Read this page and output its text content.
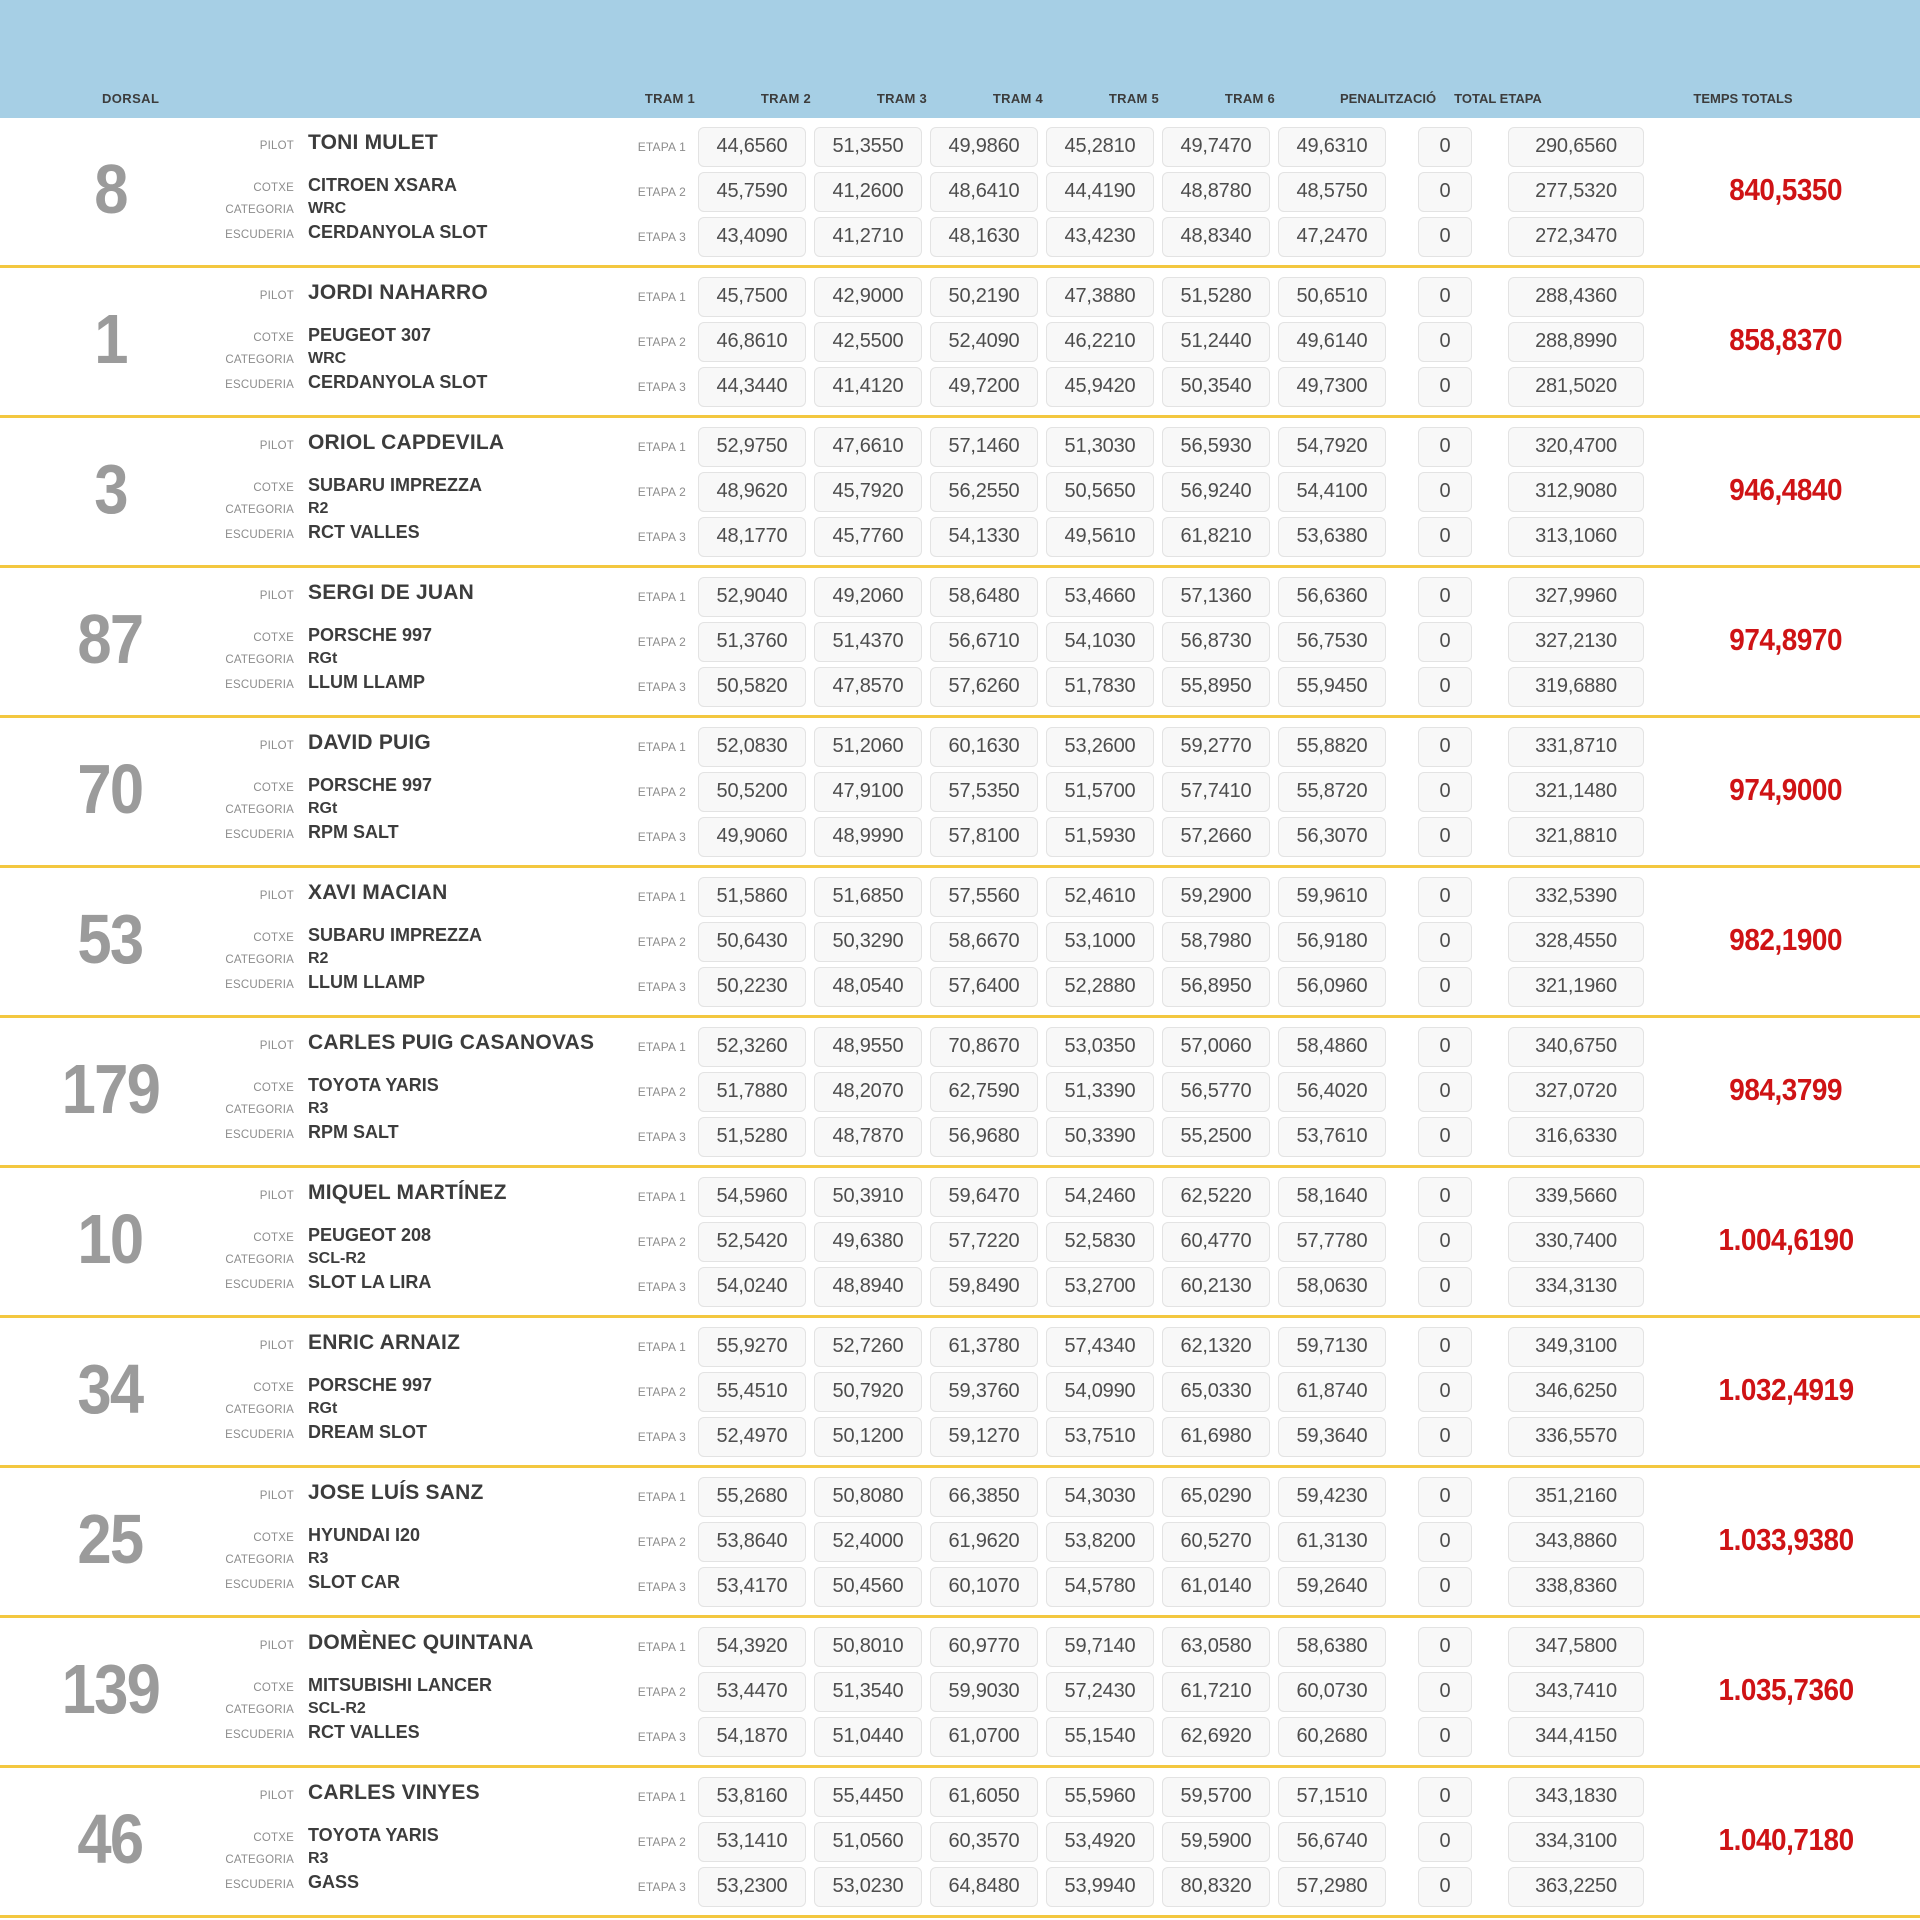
DORSAL	TRAM 1	TRAM 2	TRAM 3	TRAM 4	TRAM 5	TRAM 6	PENALITZACIÓ	TOTAL ETAPA	TEMPS TOTALS
8
PILOT TONI MULET
COTXE CITROEN XSARA
CATEGORIA WRC
ESCUDERIA CERDANYOLA SLOT
ETAPA 1	44,6560	51,3550	49,9860	45,2810	49,7470	49,6310	0	290,6560
ETAPA 2	45,7590	41,2600	48,6410	44,4190	48,8780	48,5750	0	277,5320
ETAPA 3	43,4090	41,2710	48,1630	43,4230	48,8340	47,2470	0	272,3470
840,5350
1
PILOT JORDI NAHARRO
COTXE PEUGEOT 307
CATEGORIA WRC
ESCUDERIA CERDANYOLA SLOT
ETAPA 1	45,7500	42,9000	50,2190	47,3880	51,5280	50,6510	0	288,4360
ETAPA 2	46,8610	42,5500	52,4090	46,2210	51,2440	49,6140	0	288,8990
ETAPA 3	44,3440	41,4120	49,7200	45,9420	50,3540	49,7300	0	281,5020
858,8370
3
PILOT ORIOL CAPDEVILA
COTXE SUBARU IMPREZZA
CATEGORIA R2
ESCUDERIA RCT VALLES
ETAPA 1	52,9750	47,6610	57,1460	51,3030	56,5930	54,7920	0	320,4700
ETAPA 2	48,9620	45,7920	56,2550	50,5650	56,9240	54,4100	0	312,9080
ETAPA 3	48,1770	45,7760	54,1330	49,5610	61,8210	53,6380	0	313,1060
946,4840
87
PILOT SERGI DE JUAN
COTXE PORSCHE 997
CATEGORIA RGt
ESCUDERIA LLUM LLAMP
ETAPA 1	52,9040	49,2060	58,6480	53,4660	57,1360	56,6360	0	327,9960
ETAPA 2	51,3760	51,4370	56,6710	54,1030	56,8730	56,7530	0	327,2130
ETAPA 3	50,5820	47,8570	57,6260	51,7830	55,8950	55,9450	0	319,6880
974,8970
70
PILOT DAVID PUIG
COTXE PORSCHE 997
CATEGORIA RGt
ESCUDERIA RPM SALT
ETAPA 1	52,0830	51,2060	60,1630	53,2600	59,2770	55,8820	0	331,8710
ETAPA 2	50,5200	47,9100	57,5350	51,5700	57,7410	55,8720	0	321,1480
ETAPA 3	49,9060	48,9990	57,8100	51,5930	57,2660	56,3070	0	321,8810
974,9000
53
PILOT XAVI MACIAN
COTXE SUBARU IMPREZZA
CATEGORIA R2
ESCUDERIA LLUM LLAMP
ETAPA 1	51,5860	51,6850	57,5560	52,4610	59,2900	59,9610	0	332,5390
ETAPA 2	50,6430	50,3290	58,6670	53,1000	58,7980	56,9180	0	328,4550
ETAPA 3	50,2230	48,0540	57,6400	52,2880	56,8950	56,0960	0	321,1960
982,1900
179
PILOT CARLES PUIG CASANOVAS
COTXE TOYOTA YARIS
CATEGORIA R3
ESCUDERIA RPM SALT
ETAPA 1	52,3260	48,9550	70,8670	53,0350	57,0060	58,4860	0	340,6750
ETAPA 2	51,7880	48,2070	62,7590	51,3390	56,5770	56,4020	0	327,0720
ETAPA 3	51,5280	48,7870	56,9680	50,3390	55,2500	53,7610	0	316,6330
984,3799
10
PILOT MIQUEL MARTÍNEZ
COTXE PEUGEOT 208
CATEGORIA SCL-R2
ESCUDERIA SLOT LA LIRA
ETAPA 1	54,5960	50,3910	59,6470	54,2460	62,5220	58,1640	0	339,5660
ETAPA 2	52,5420	49,6380	57,7220	52,5830	60,4770	57,7780	0	330,7400
ETAPA 3	54,0240	48,8940	59,8490	53,2700	60,2130	58,0630	0	334,3130
1.004,6190
34
PILOT ENRIC ARNAIZ
COTXE PORSCHE 997
CATEGORIA RGt
ESCUDERIA DREAM SLOT
ETAPA 1	55,9270	52,7260	61,3780	57,4340	62,1320	59,7130	0	349,3100
ETAPA 2	55,4510	50,7920	59,3760	54,0990	65,0330	61,8740	0	346,6250
ETAPA 3	52,4970	50,1200	59,1270	53,7510	61,6980	59,3640	0	336,5570
1.032,4919
25
PILOT JOSE LUÍS SANZ
COTXE HYUNDAI I20
CATEGORIA R3
ESCUDERIA SLOT CAR
ETAPA 1	55,2680	50,8080	66,3850	54,3030	65,0290	59,4230	0	351,2160
ETAPA 2	53,8640	52,4000	61,9620	53,8200	60,5270	61,3130	0	343,8860
ETAPA 3	53,4170	50,4560	60,1070	54,5780	61,0140	59,2640	0	338,8360
1.033,9380
139
PILOT DOMÈNEC QUINTANA
COTXE MITSUBISHI LANCER
CATEGORIA SCL-R2
ESCUDERIA RCT VALLES
ETAPA 1	54,3920	50,8010	60,9770	59,7140	63,0580	58,6380	0	347,5800
ETAPA 2	53,4470	51,3540	59,9030	57,2430	61,7210	60,0730	0	343,7410
ETAPA 3	54,1870	51,0440	61,0700	55,1540	62,6920	60,2680	0	344,4150
1.035,7360
46
PILOT CARLES VINYES
COTXE TOYOTA YARIS
CATEGORIA R3
ESCUDERIA GASS
ETAPA 1	53,8160	55,4450	61,6050	55,5960	59,5700	57,1510	0	343,1830
ETAPA 2	53,1410	51,0560	60,3570	53,4920	59,5900	56,6740	0	334,3100
ETAPA 3	53,2300	53,0230	64,8480	53,9940	80,8320	57,2980	0	363,2250
1.040,7180
